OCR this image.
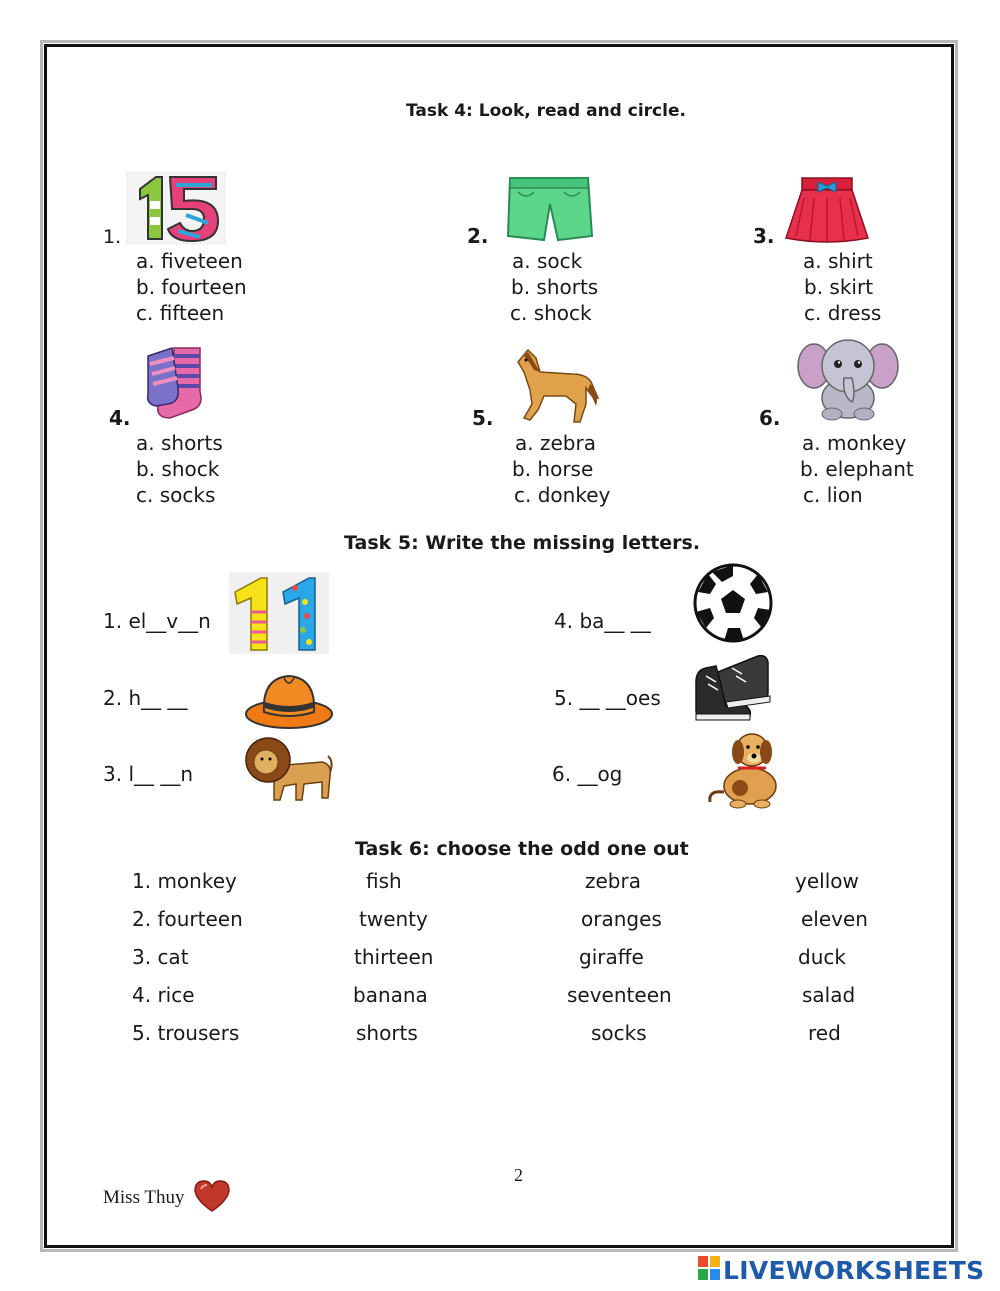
Task 4: Look, read and circle.
1.
a. fiveteen
b. fourteen
c. fifteen
2.
a. sock
b. shorts
c. shock
3.
a. shirt
b. skirt
c. dress
4.
a. shorts
b. shock
c. socks
5.
a. zebra
b. horse
c. donkey
6.
a. monkey
b. elephant
c. lion
Task 5: Write the missing letters.
1. el__v__n
2. h__ __
3. l__ __n
4. ba__ __
5. __ __oes
6. __og
Task 6: choose the odd one out
1. monkey	fish	zebra	yellow
2. fourteen	twenty	oranges	eleven
3. cat	thirteen	giraffe	duck
4. rice	banana	seventeen	salad
5. trousers	shorts	socks	red
2
Miss Thuy
LIVEWORKSHEETS
